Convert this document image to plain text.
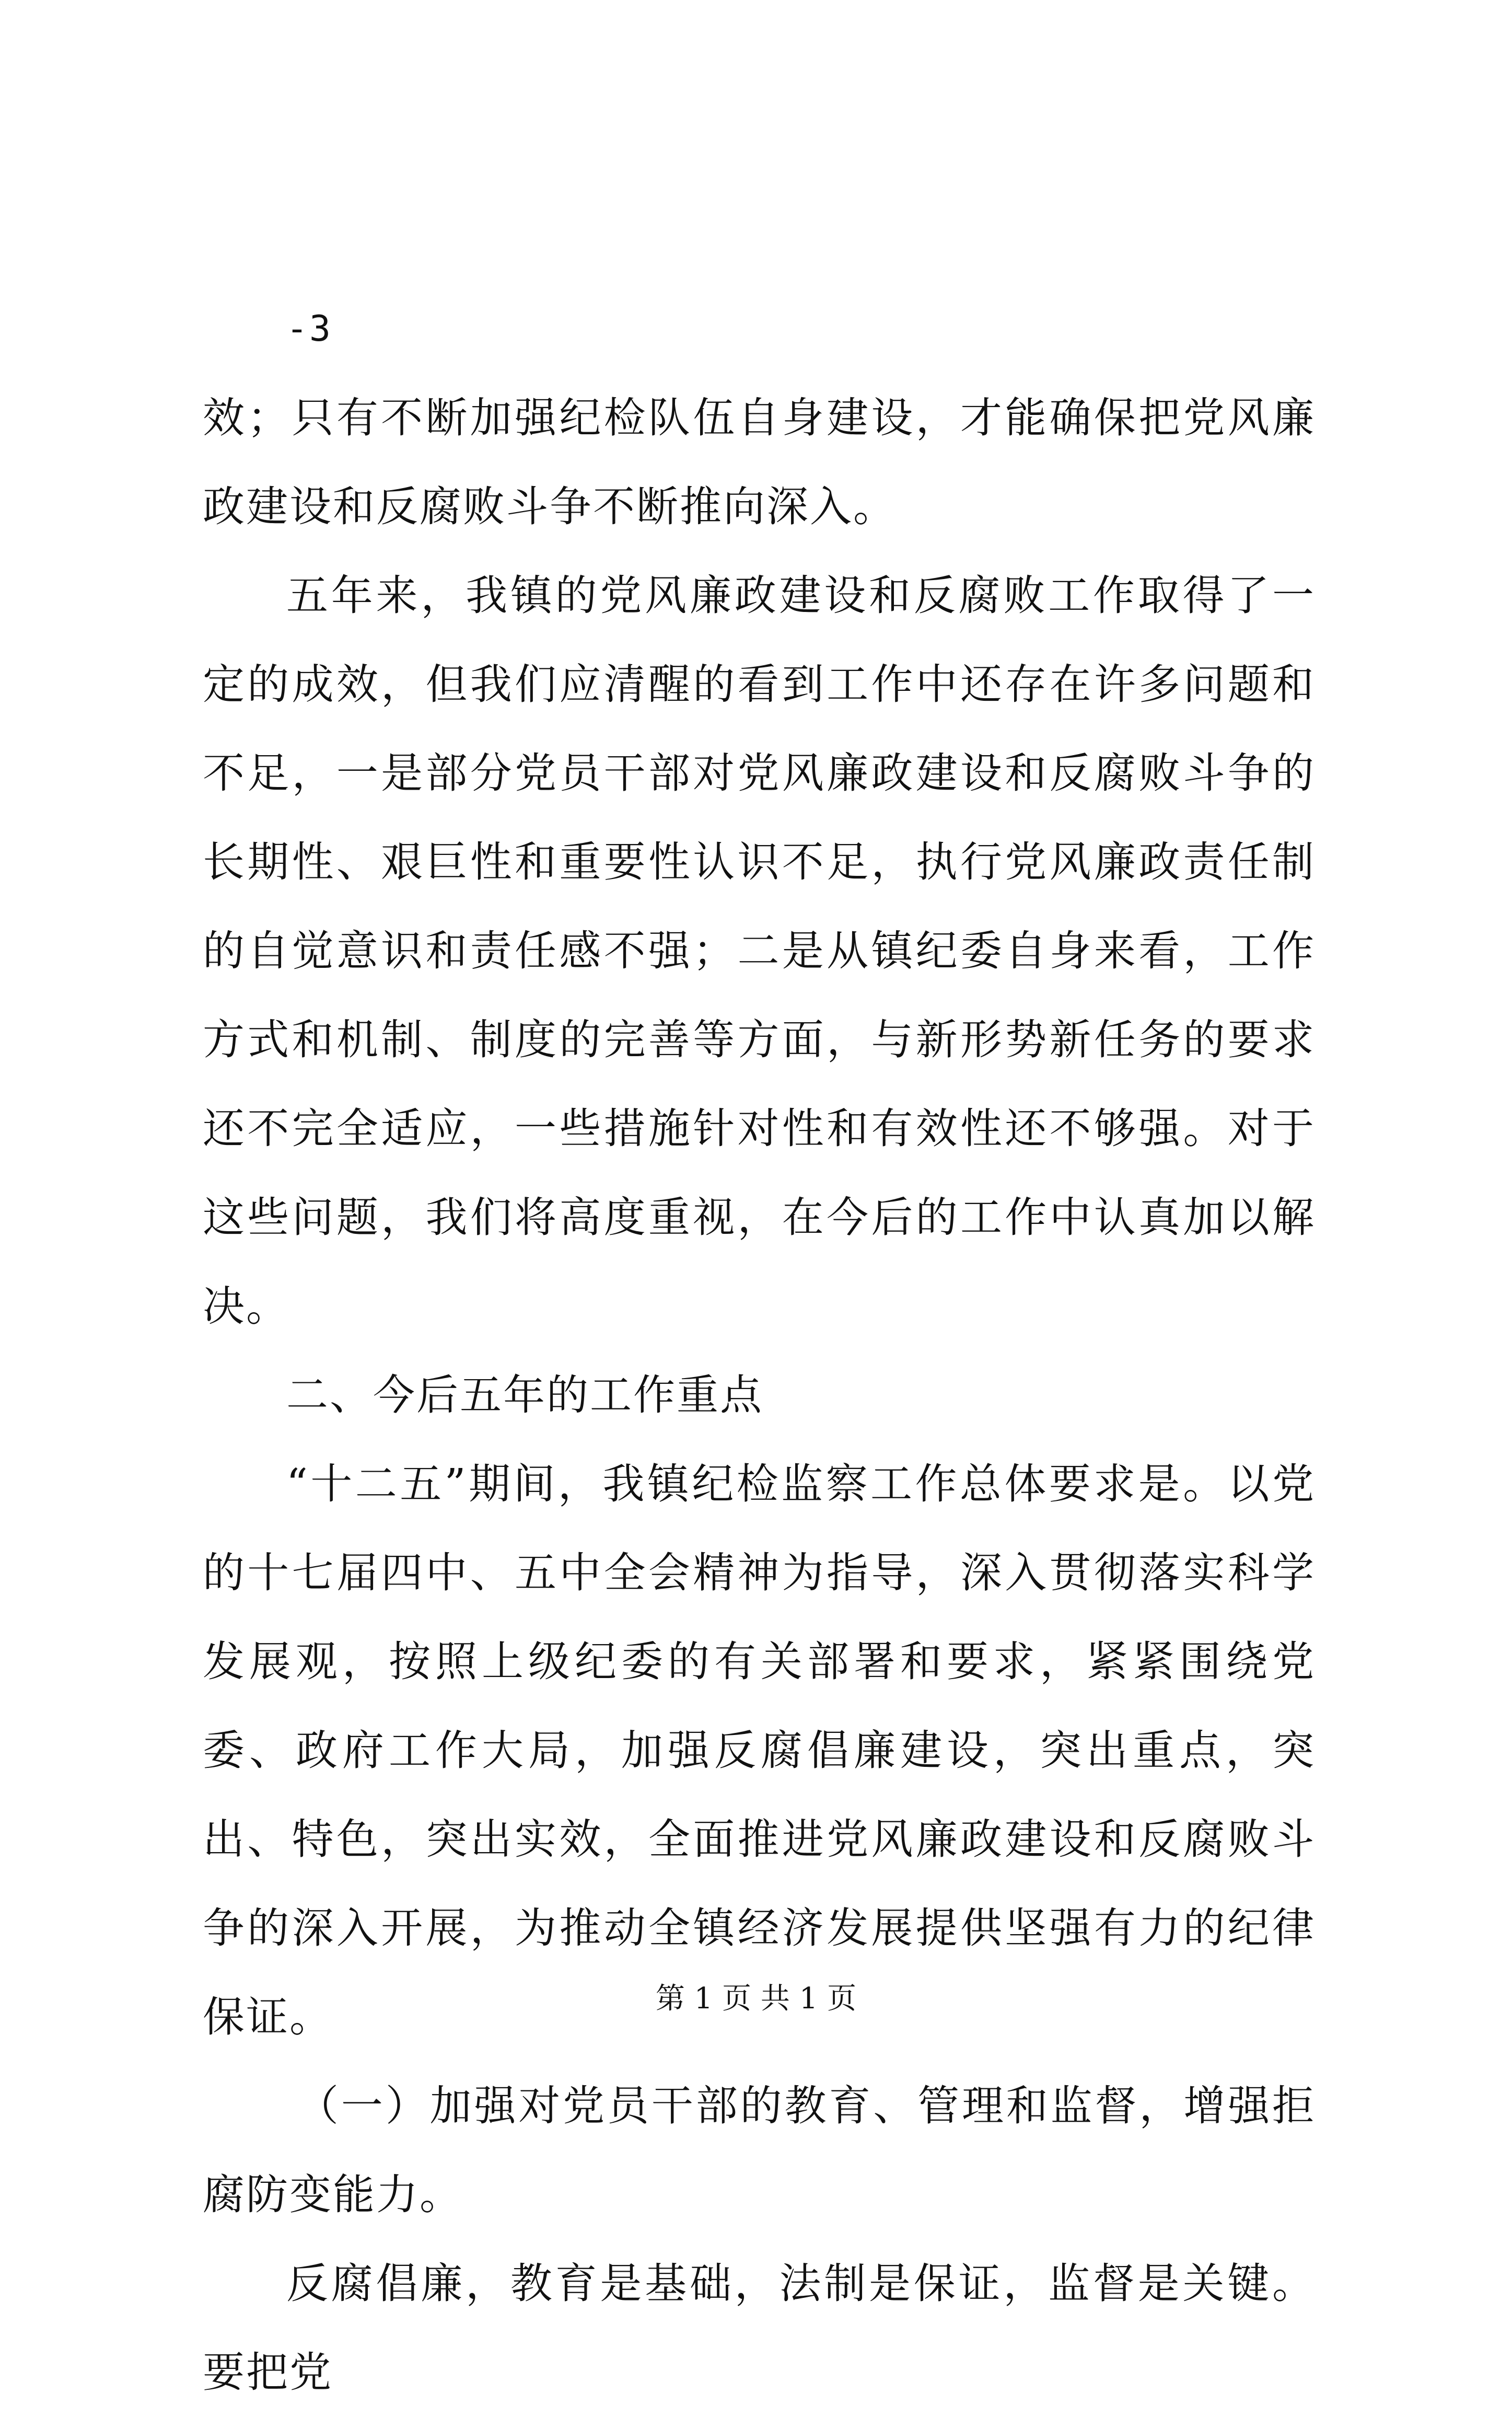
-3

效；只有不断加强纪检队伍自身建设，才能确保把党风廉政建设和反腐败斗争不断推向深入。

五年来，我镇的党风廉政建设和反腐败工作取得了一定的成效，但我们应清醒的看到工作中还存在许多问题和不足，一是部分党员干部对党风廉政建设和反腐败斗争的长期性、艰巨性和重要性认识不足，执行党风廉政责任制的自觉意识和责任感不强；二是从镇纪委自身来看，工作方式和机制、制度的完善等方面，与新形势新任务的要求还不完全适应，一些措施针对性和有效性还不够强。对于这些问题，我们将高度重视，在今后的工作中认真加以解决。

二、今后五年的工作重点

“十二五”期间，我镇纪检监察工作总体要求是。以党的十七届四中、五中全会精神为指导，深入贯彻落实科学发展观，按照上级纪委的有关部署和要求，紧紧围绕党委、政府工作大局，加强反腐倡廉建设，突出重点，突出、特色，突出实效，全面推进党风廉政建设和反腐败斗争的深入开展，为推动全镇经济发展提供坚强有力的纪律保证。

（一）加强对党员干部的教育、管理和监督，增强拒腐防变能力。

反腐倡廉，教育是基础，法制是保证，监督是关键。要把党

第 1 页 共 1 页
